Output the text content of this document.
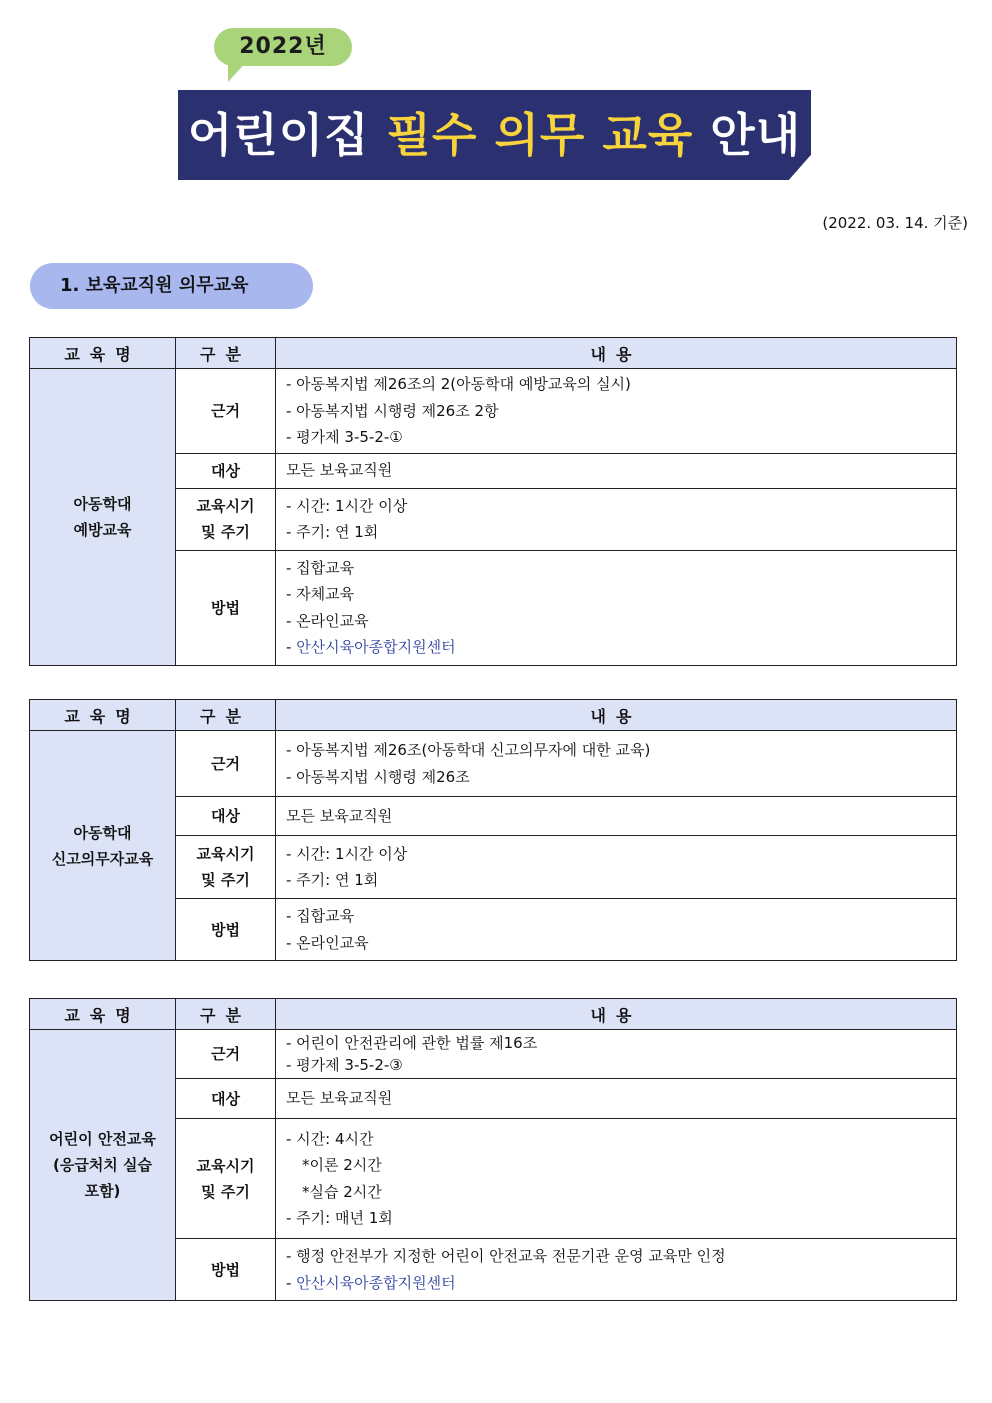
2022년
어린이집 필수 의무 교육 안내
(2022. 03. 14. 기준)
1. 보육교직원 의무교육
교육명	구분	내용

아동학대
예방교육	근거	- 아동복지법 제26조의 2(아동학대 예방교육의 실시)
- 아동복지법 시행령 제26조 2항
- 평가제 3-5-2-①

	대상	모든 보육교직원

	교육시기
및 주기	- 시간: 1시간 이상
- 주기: 연 1회

	방법	- 집합교육
- 자체교육
- 온라인교육
- 안산시육아종합지원센터
교육명	구분	내용

아동학대
신고의무자교육	근거	- 아동복지법 제26조(아동학대 신고의무자에 대한 교육)
- 아동복지법 시행령 제26조

	대상	모든 보육교직원

	교육시기
및 주기	- 시간: 1시간 이상
- 주기: 연 1회

	방법	- 집합교육
- 온라인교육
교육명	구분	내용

어린이 안전교육
(응급처치 실습
포함)	근거	- 어린이 안전관리에 관한 법률 제16조
- 평가제 3-5-2-③

	대상	모든 보육교직원

	교육시기
및 주기	- 시간: 4시간
*이론 2시간
*실습 2시간
- 주기: 매년 1회

	방법	- 행정 안전부가 지정한 어린이 안전교육 전문기관 운영 교육만 인정
- 안산시육아종합지원센터
